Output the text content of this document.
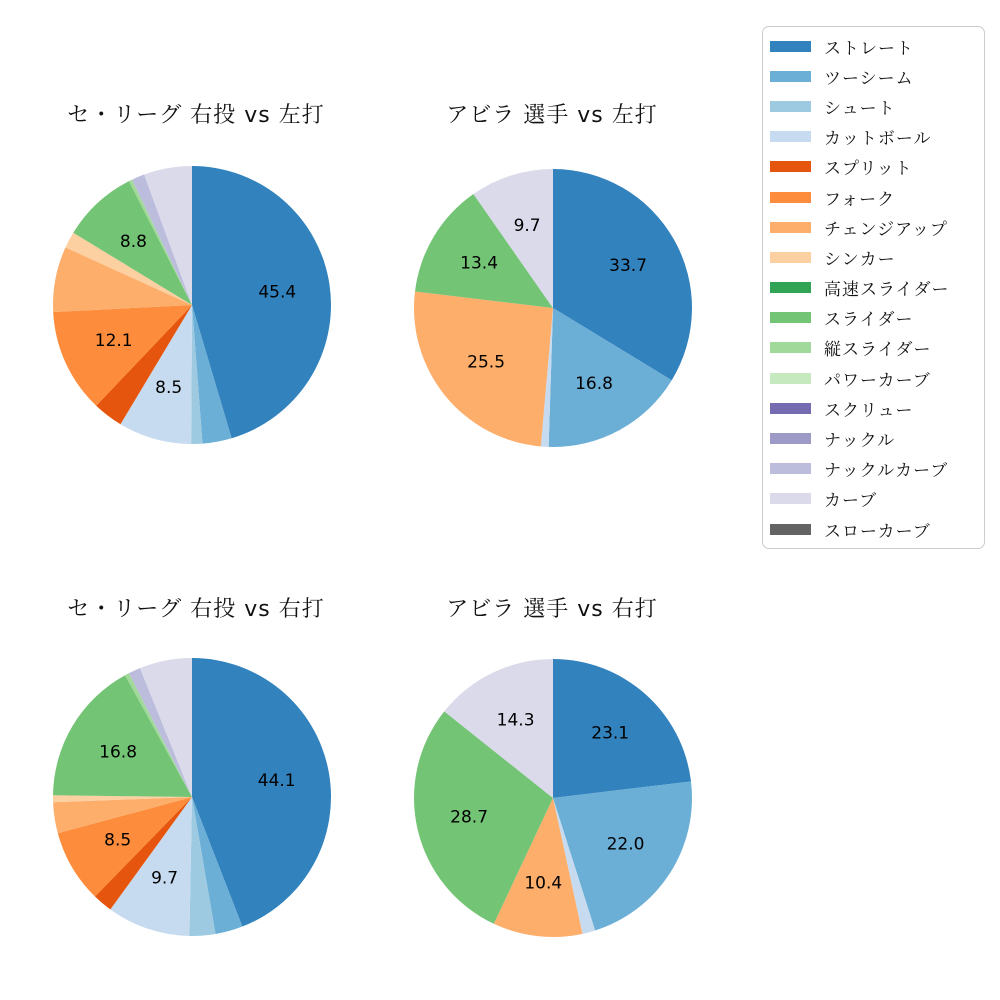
セ・リーグ 右投 vs 左打	アビラ 選手 vs 左打
セ・リーグ 右投 vs 右打	アビラ 選手 vs 右打
45.4
8.5
12.1
8.8
33.7
16.8
25.5
13.4
9.7
44.1
9.7
8.5
16.8
23.1
22.0
10.4
28.7
14.3
ストレート
ツーシーム
シュート
カットボール
スプリット
フォーク
チェンジアップ
シンカー
高速スライダー
スライダー
縦スライダー
パワーカーブ
スクリュー
ナックル
ナックルカーブ
カーブ
スローカーブ
